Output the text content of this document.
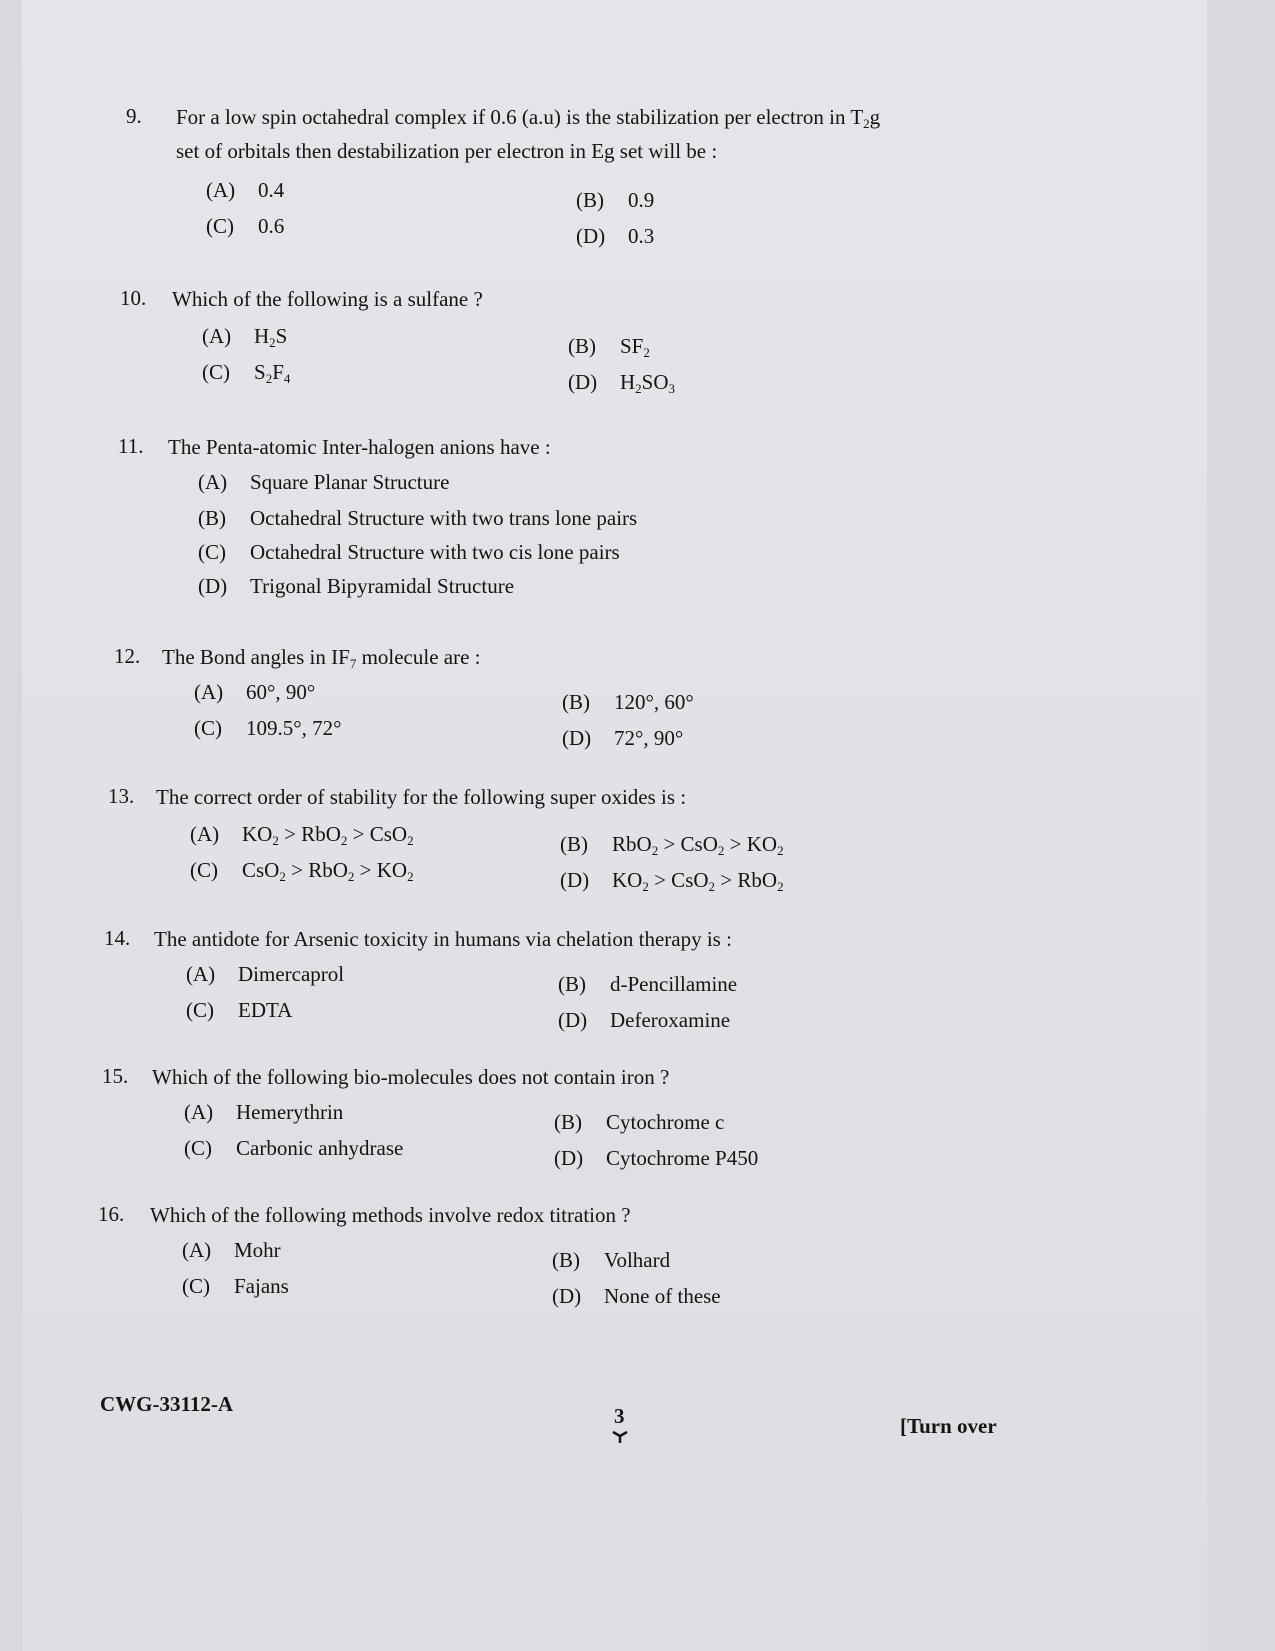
9. For a low spin octahedral complex if 0.6 (a.u) is the stabilization per electron in $T_2g$
set of orbitals then destabilization per electron in Eg set will be :
(A) 0.4	(B) 0.9
(C) 0.6	(D) 0.3
10. Which of the following is a sulfane ?
(A) $H_2S$	(B) $SF_2$
(C) $S_2F_4$	(D) $H_2SO_3$
11. The Penta-atomic Inter-halogen anions have :
(A) Square Planar Structure
(B) Octahedral Structure with two trans lone pairs
(C) Octahedral Structure with two cis lone pairs
(D) Trigonal Bipyramidal Structure
12. The Bond angles in $IF_7$ molecule are :
(A) 60°, 90°	(B) 120°, 60°
(C) 109.5°, 72°	(D) 72°, 90°
13. The correct order of stability for the following super oxides is :
(A) $KO_2 > RbO_2 > CsO_2$	(B) $RbO_2 > CsO_2 > KO_2$
(C) $CsO_2 > RbO_2 > KO_2$	(D) $KO_2 > CsO_2 > RbO_2$
14. The antidote for Arsenic toxicity in humans via chelation therapy is :
(A) Dimercaprol	(B) d-Pencillamine
(C) EDTA	(D) Deferoxamine
15. Which of the following bio-molecules does not contain iron ?
(A) Hemerythrin	(B) Cytochrome c
(C) Carbonic anhydrase	(D) Cytochrome P450
16. Which of the following methods involve redox titration ?
(A) Mohr	(B) Volhard
(C) Fajans	(D) None of these
CWG-33112-A	3	[Turn over
